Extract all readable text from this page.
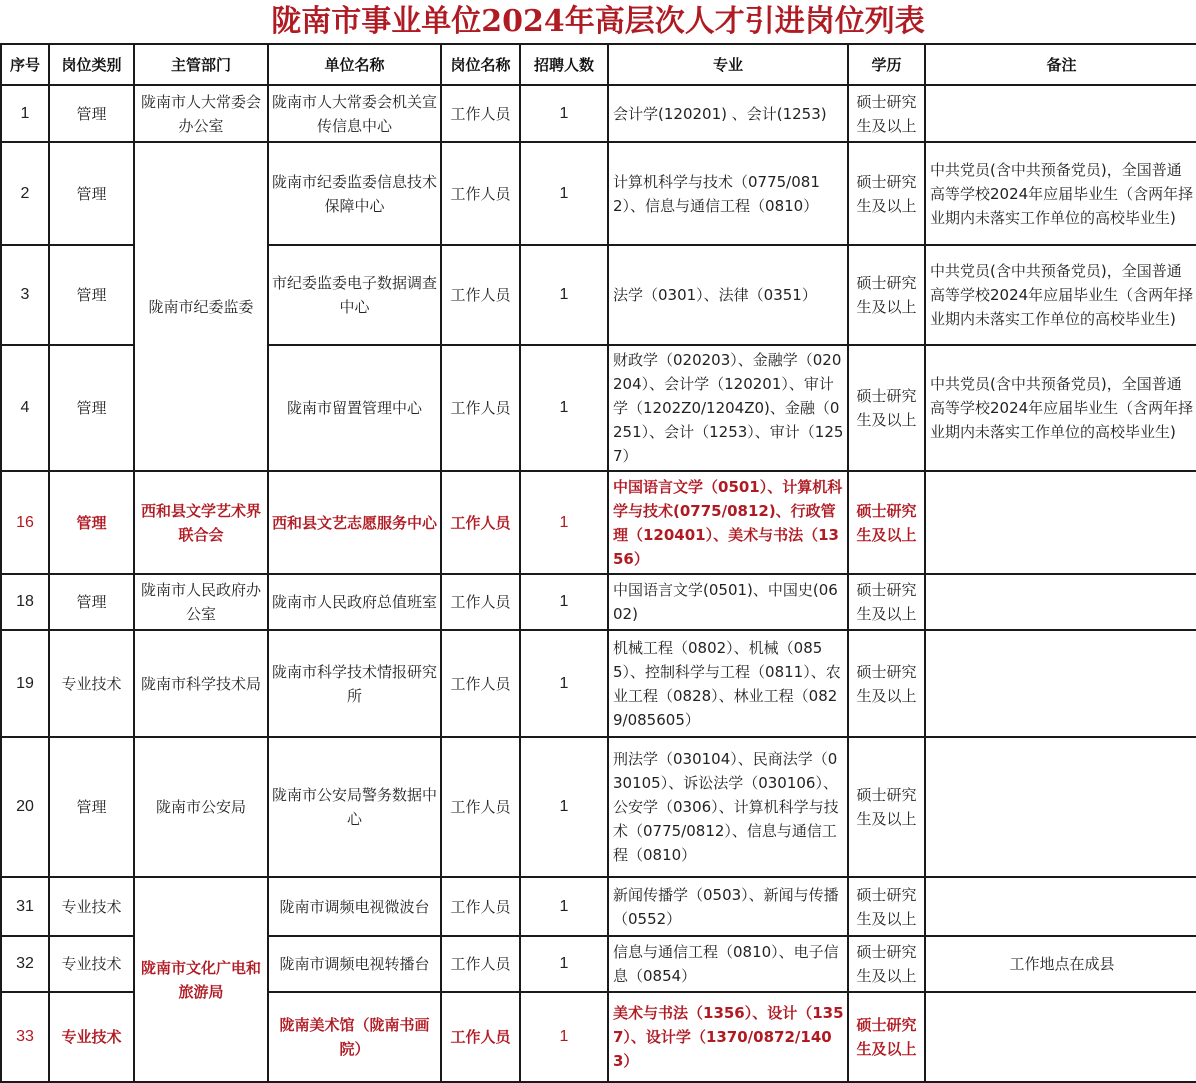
陇南市事业单位2024年高层次人才引进岗位列表
序号	岗位类别	主管部门	单位名称	岗位名称	招聘人数	专业	学历	备注
1	管理	陇南市人大常委会办公室	陇南市人大常委会机关宣传信息中心	工作人员	1	会计学(120201) 、会计(1253)	硕士研究生及以上	
2	管理	陇南市纪委监委	陇南市纪委监委信息技术保障中心	工作人员	1	计算机科学与技术（0775/0812）、信息与通信工程（0810）	硕士研究生及以上	中共党员(含中共预备党员)，全国普通高等学校2024年应届毕业生（含两年择业期内未落实工作单位的高校毕业生)
3	管理		市纪委监委电子数据调查中心	工作人员	1	法学（0301）、法律（0351）	硕士研究生及以上	中共党员(含中共预备党员)，全国普通高等学校2024年应届毕业生（含两年择业期内未落实工作单位的高校毕业生)
4	管理		陇南市留置管理中心	工作人员	1	财政学（020203）、金融学（020204）、会计学（120201）、审计学（1202Z0/1204Z0)、金融（0251）、会计（1253）、审计（1257）	硕士研究生及以上	中共党员(含中共预备党员)，全国普通高等学校2024年应届毕业生（含两年择业期内未落实工作单位的高校毕业生)
16	管理	西和县文学艺术界联合会	西和县文艺志愿服务中心	工作人员	1	中国语言文学（0501）、计算机科学与技术(0775/0812)、行政管理（120401）、美术与书法（1356）	硕士研究生及以上	
18	管理	陇南市人民政府办公室	陇南市人民政府总值班室	工作人员	1	中国语言文学(0501)、中国史(0602)	硕士研究生及以上	
19	专业技术	陇南市科学技术局	陇南市科学技术情报研究所	工作人员	1	机械工程（0802）、机械（0855）、控制科学与工程（0811）、农业工程（0828）、林业工程（0829/085605）	硕士研究生及以上	
20	管理	陇南市公安局	陇南市公安局警务数据中心	工作人员	1	刑法学（030104）、民商法学（030105）、诉讼法学（030106）、公安学（0306）、计算机科学与技术（0775/0812）、信息与通信工程（0810）	硕士研究生及以上	
31	专业技术	陇南市文化广电和旅游局	陇南市调频电视微波台	工作人员	1	新闻传播学（0503）、新闻与传播（0552）	硕士研究生及以上	
32	专业技术		陇南市调频电视转播台	工作人员	1	信息与通信工程（0810）、电子信息（0854）	硕士研究生及以上	工作地点在成县
33	专业技术		陇南美术馆（陇南书画院）	工作人员	1	美术与书法（1356）、设计（1357）、设计学（1370/0872/1403）	硕士研究生及以上	
